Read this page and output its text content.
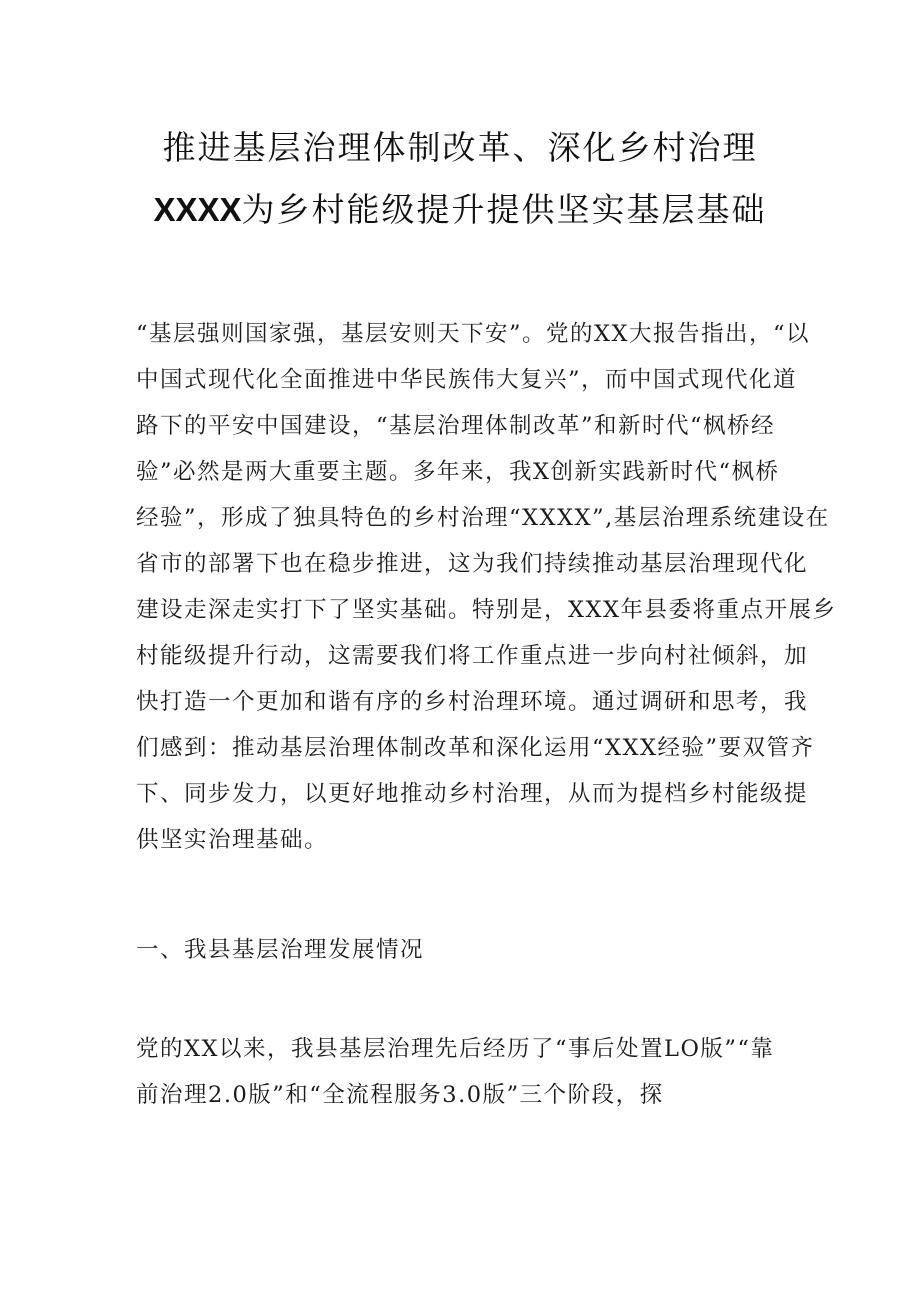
推进基层治理体制改革、深化乡村治理
XXXX为乡村能级提升提供坚实基层基础
“基层强则国家强，基层安则天下安”。党的XX大报告指出，“以
中国式现代化全面推进中华民族伟大复兴”，而中国式现代化道
路下的平安中国建设，“基层治理体制改革”和新时代“枫桥经
验”必然是两大重要主题。多年来，我X创新实践新时代“枫桥
经验”，形成了独具特色的乡村治理“XXXX”,基层治理系统建设在
省市的部署下也在稳步推进，这为我们持续推动基层治理现代化
建设走深走实打下了坚实基础。特别是，XXX年县委将重点开展乡
村能级提升行动，这需要我们将工作重点进一步向村社倾斜，加
快打造一个更加和谐有序的乡村治理环境。通过调研和思考，我
们感到：推动基层治理体制改革和深化运用“XXX经验”要双管齐
下、同步发力，以更好地推动乡村治理，从而为提档乡村能级提
供坚实治理基础。
一、我县基层治理发展情况
党的XX以来，我县基层治理先后经历了“事后处置LO版”“靠
前治理2.0版”和“全流程服务3.0版”三个阶段，探
